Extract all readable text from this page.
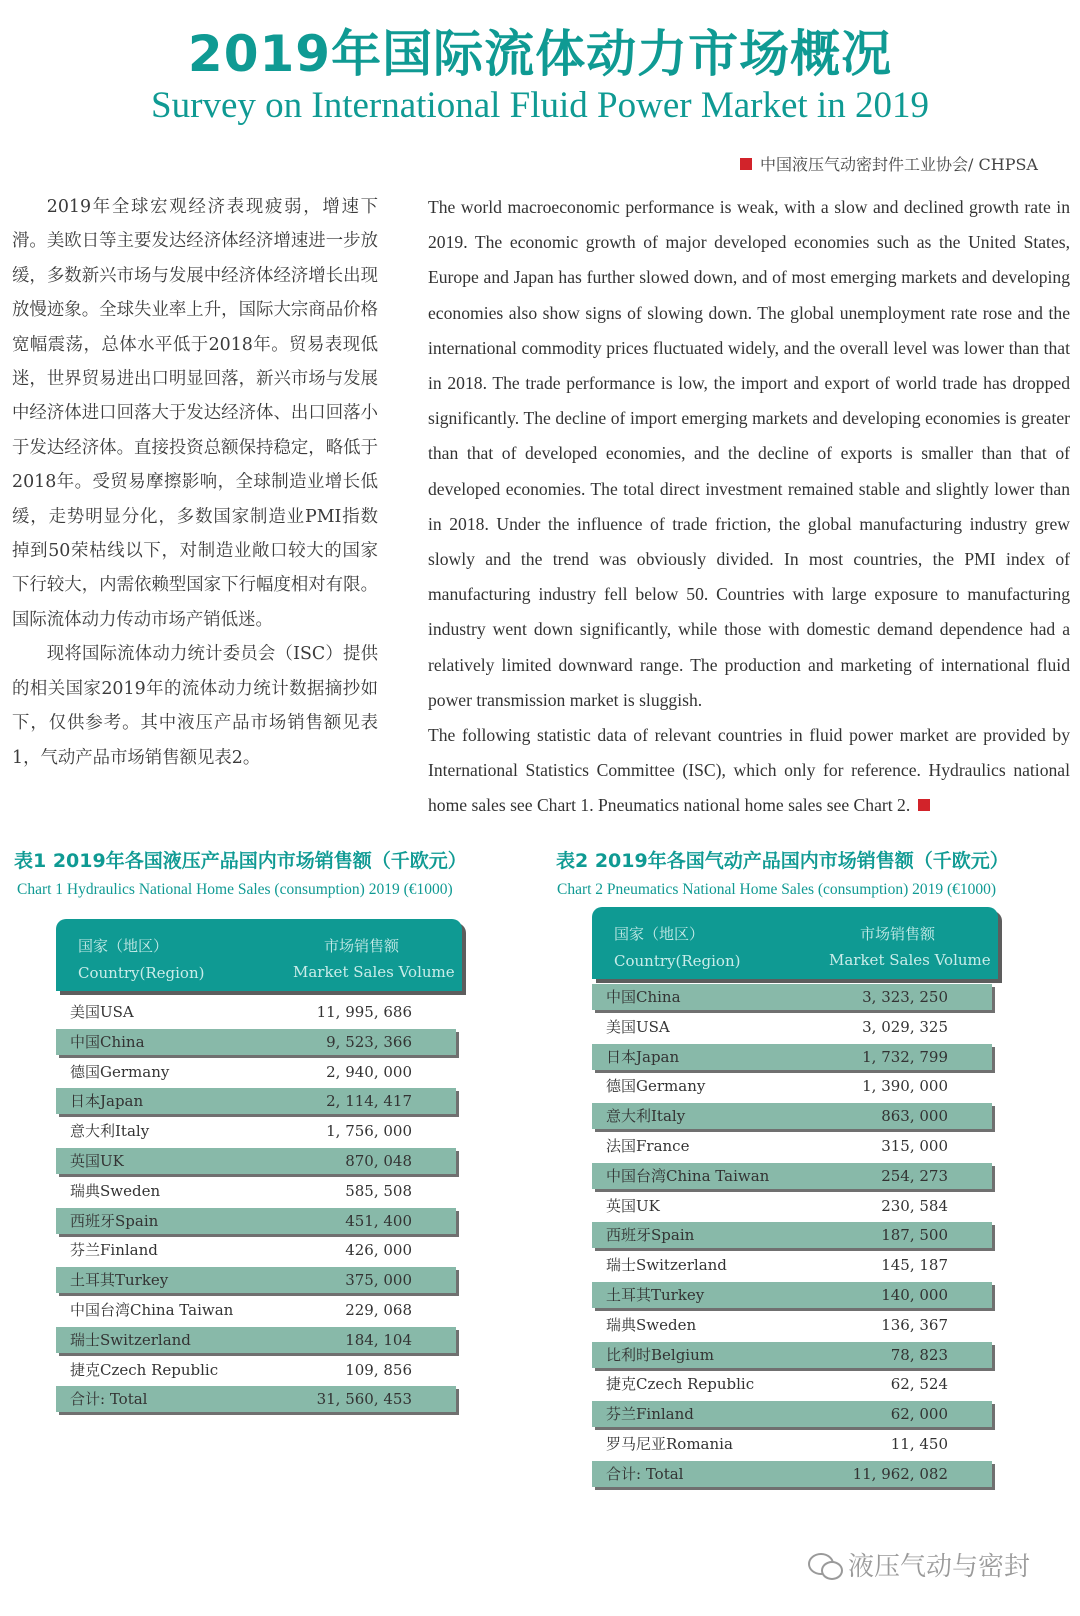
2019年国际流体动力市场概况
Survey on International Fluid Power Market in 2019
中国液压气动密封件工业协会/ CHPSA

2019年全球宏观经济表现疲弱，增速下滑。美欧日等主要发达经济体经济增速进一步放缓，多数新兴市场与发展中经济体经济增长出现放慢迹象。全球失业率上升，国际大宗商品价格宽幅震荡，总体水平低于2018年。贸易表现低迷，世界贸易进出口明显回落，新兴市场与发展中经济体进口回落大于发达经济体、出口回落小于发达经济体。直接投资总额保持稳定，略低于2018年。受贸易摩擦影响，全球制造业增长低缓，走势明显分化，多数国家制造业PMI指数掉到50荣枯线以下，对制造业敞口较大的国家下行较大，内需依赖型国家下行幅度相对有限。国际流体动力传动市场产销低迷。

现将国际流体动力统计委员会（ISC）提供的相关国家2019年的流体动力统计数据摘抄如下，仅供参考。其中液压产品市场销售额见表1，气动产品市场销售额见表2。

The world macroeconomic performance is weak, with a slow and declined growth rate in 2019. The economic growth of major developed economies such as the United States, Europe and Japan has further slowed down, and of most emerging markets and developing economies also show signs of slowing down. The global unemployment rate rose and the international commodity prices fluctuated widely, and the overall level was lower than that in 2018. The trade performance is low, the import and export of world trade has dropped significantly. The decline of import emerging markets and developing economies is greater than that of developed economies, and the decline of exports is smaller than that of developed economies. The total direct investment remained stable and slightly lower than in 2018. Under the influence of trade friction, the global manufacturing industry grew slowly and the trend was obviously divided. In most countries, the PMI index of manufacturing industry fell below 50. Countries with large exposure to manufacturing industry went down significantly, while those with domestic demand dependence had a relatively limited downward range. The production and marketing of international fluid power transmission market is sluggish.

The following statistic data of relevant countries in fluid power market are provided by International Statistics Committee (ISC), which only for reference. Hydraulics national home sales see Chart 1. Pneumatics national home sales see Chart 2.

表1 2019年各国液压产品国内市场销售额（千欧元）
Chart 1 Hydraulics National Home Sales (consumption) 2019 (€1000)
表2 2019年各国气动产品国内市场销售额（千欧元）
Chart 2 Pneumatics National Home Sales (consumption) 2019 (€1000)
国家（地区）
Country(Region)
市场销售额
Market Sales Volume
美国USA	11, 995, 686
中国China	9, 523, 366
德国Germany	2, 940, 000
日本Japan	2, 114, 417
意大利Italy	1, 756, 000
英国UK	870, 048
瑞典Sweden	585, 508
西班牙Spain	451, 400
芬兰Finland	426, 000
土耳其Turkey	375, 000
中国台湾China Taiwan	229, 068
瑞士Switzerland	184, 104
捷克Czech Republic	109, 856
合计: Total	31, 560, 453
国家（地区）
Country(Region)
市场销售额
Market Sales Volume
中国China	3, 323, 250
美国USA	3, 029, 325
日本Japan	1, 732, 799
德国Germany	1, 390, 000
意大利Italy	863, 000
法国France	315, 000
中国台湾China Taiwan	254, 273
英国UK	230, 584
西班牙Spain	187, 500
瑞士Switzerland	145, 187
土耳其Turkey	140, 000
瑞典Sweden	136, 367
比利时Belgium	78, 823
捷克Czech Republic	62, 524
芬兰Finland	62, 000
罗马尼亚Romania	11, 450
合计: Total	11, 962, 082
液压气动与密封
